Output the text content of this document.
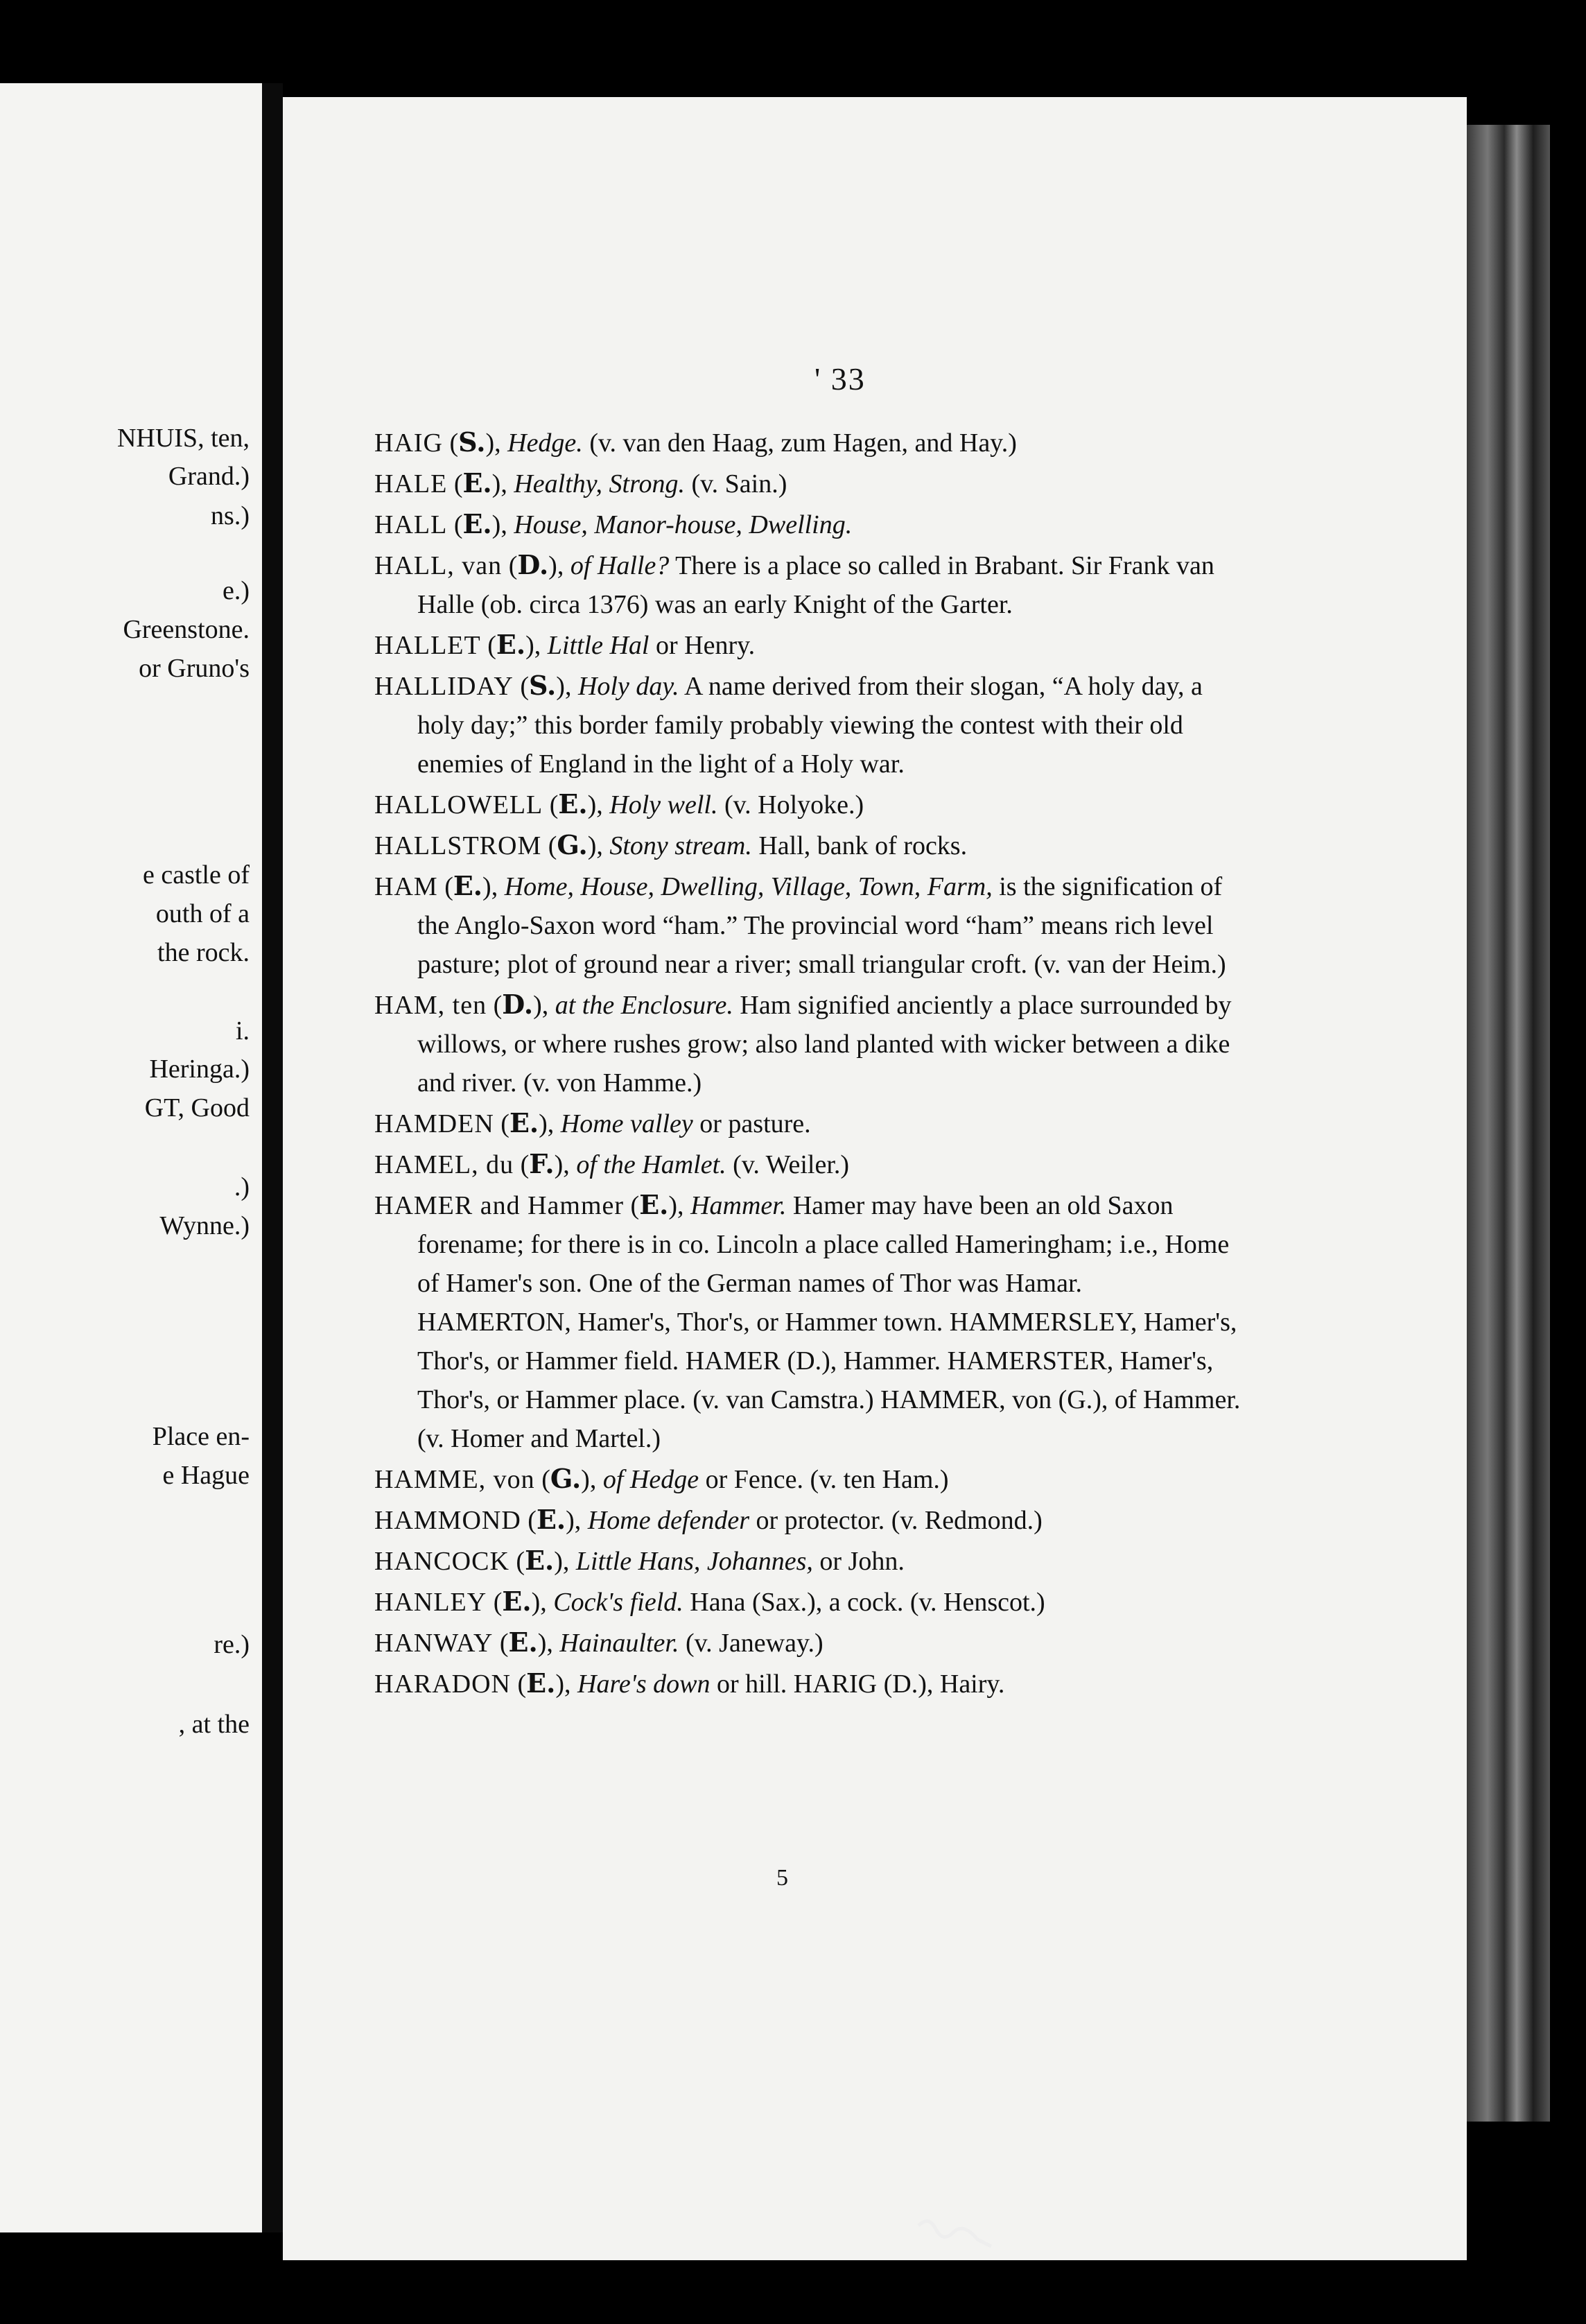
NHUIS, ten,
Grand.)
ns.)
e.)
Greenstone.
or Gruno's
e castle of
outh of a
the rock.
i.
Heringa.)
GT, Good
.)
Wynne.)
Place en-
e Hague
re.)
, at the
' 33
HAIG (S.), Hedge. (v. van den Haag, zum Hagen, and Hay.)
HALE (E.), Healthy, Strong. (v. Sain.)
HALL (E.), House, Manor-house, Dwelling.
HALL, van (D.), of Halle? There is a place so called in Brabant. Sir Frank van Halle (ob. circa 1376) was an early Knight of the Garter.
HALLET (E.), Little Hal or Henry.
HALLIDAY (S.), Holy day. A name derived from their slogan, “A holy day, a holy day;” this border family probably viewing the contest with their old enemies of England in the light of a Holy war.
HALLOWELL (E.), Holy well. (v. Holyoke.)
HALLSTROM (G.), Stony stream. Hall, bank of rocks.
HAM (E.), Home, House, Dwelling, Village, Town, Farm, is the signification of the Anglo-Saxon word “ham.” The provincial word “ham” means rich level pasture; plot of ground near a river; small triangular croft. (v. van der Heim.)
HAM, ten (D.), at the Enclosure. Ham signified anciently a place surrounded by willows, or where rushes grow; also land planted with wicker between a dike and river. (v. von Hamme.)
HAMDEN (E.), Home valley or pasture.
HAMEL, du (F.), of the Hamlet. (v. Weiler.)
HAMER and Hammer (E.), Hammer. Hamer may have been an old Saxon forename; for there is in co. Lincoln a place called Hameringham; i.e., Home of Hamer's son. One of the German names of Thor was Hamar. HAMERTON, Hamer's, Thor's, or Hammer town. HAMMERSLEY, Hamer's, Thor's, or Hammer field. HAMER (D.), Hammer. HAMERSTER, Hamer's, Thor's, or Hammer place. (v. van Camstra.) HAMMER, von (G.), of Hammer. (v. Homer and Martel.)
HAMME, von (G.), of Hedge or Fence. (v. ten Ham.)
HAMMOND (E.), Home defender or protector. (v. Redmond.)
HANCOCK (E.), Little Hans, Johannes, or John.
HANLEY (E.), Cock's field. Hana (Sax.), a cock. (v. Henscot.)
HANWAY (E.), Hainaulter. (v. Janeway.)
HARADON (E.), Hare's down or hill. HARIG (D.), Hairy.
5
